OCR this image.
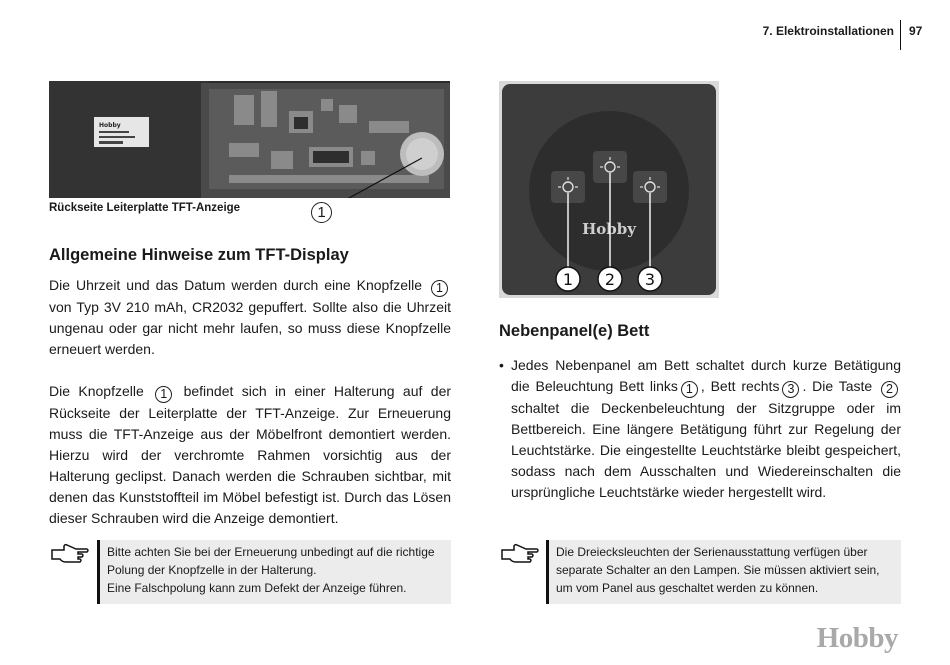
7. Elektroinstallationen 97
Hobby
1
Rückseite Leiterplatte TFT-Anzeige
Allgemeine Hinweise zum TFT-Display
Die Uhrzeit und das Datum werden durch eine Knopfzelle 1 von Typ 3V 210 mAh, CR2032 gepuffert. Sollte also die Uhrzeit ungenau oder gar nicht mehr laufen, so muss diese Knopfzelle erneuert werden.
Die Knopfzelle 1 befindet sich in einer Halterung auf der Rückseite der Leiterplatte der TFT-Anzeige. Zur Erneuerung muss die TFT-Anzeige aus der Möbelfront demontiert werden. Hierzu wird der verchromte Rahmen vorsichtig aus der Halterung geclipst. Danach werden die Schrauben sichtbar, mit denen das Kunststoffteil im Möbel befestigt ist. Durch das Lösen dieser Schrauben wird die Anzeige demontiert.

Bitte achten Sie bei der Erneuerung unbedingt auf die richtige Polung der Knopfzelle in der Halterung.

Eine Falschpolung kann zum Defekt der Anzeige führen.

Hobby
1 2 3
Nebenpanel(e) Bett
• Jedes Nebenpanel am Bett schaltet durch kurze Betätigung die Beleuchtung Bett links 1 , Bett rechts 3 . Die Taste 2 schaltet die Deckenbeleuchtung der Sitzgruppe oder im Bettbereich. Eine längere Betätigung führt zur Regelung der Leuchtstärke. Die eingestellte Leuchtstärke bleibt gespeichert, sodass nach dem Ausschalten und Wiedereinschalten die ursprüngliche Leuchtstärke wieder hergestellt wird.

Die Dreiecksleuchten der Serienausstattung verfügen über separate Schalter an den Lampen. Sie müssen aktiviert sein, um vom Panel aus geschaltet werden zu können.

Hobby
